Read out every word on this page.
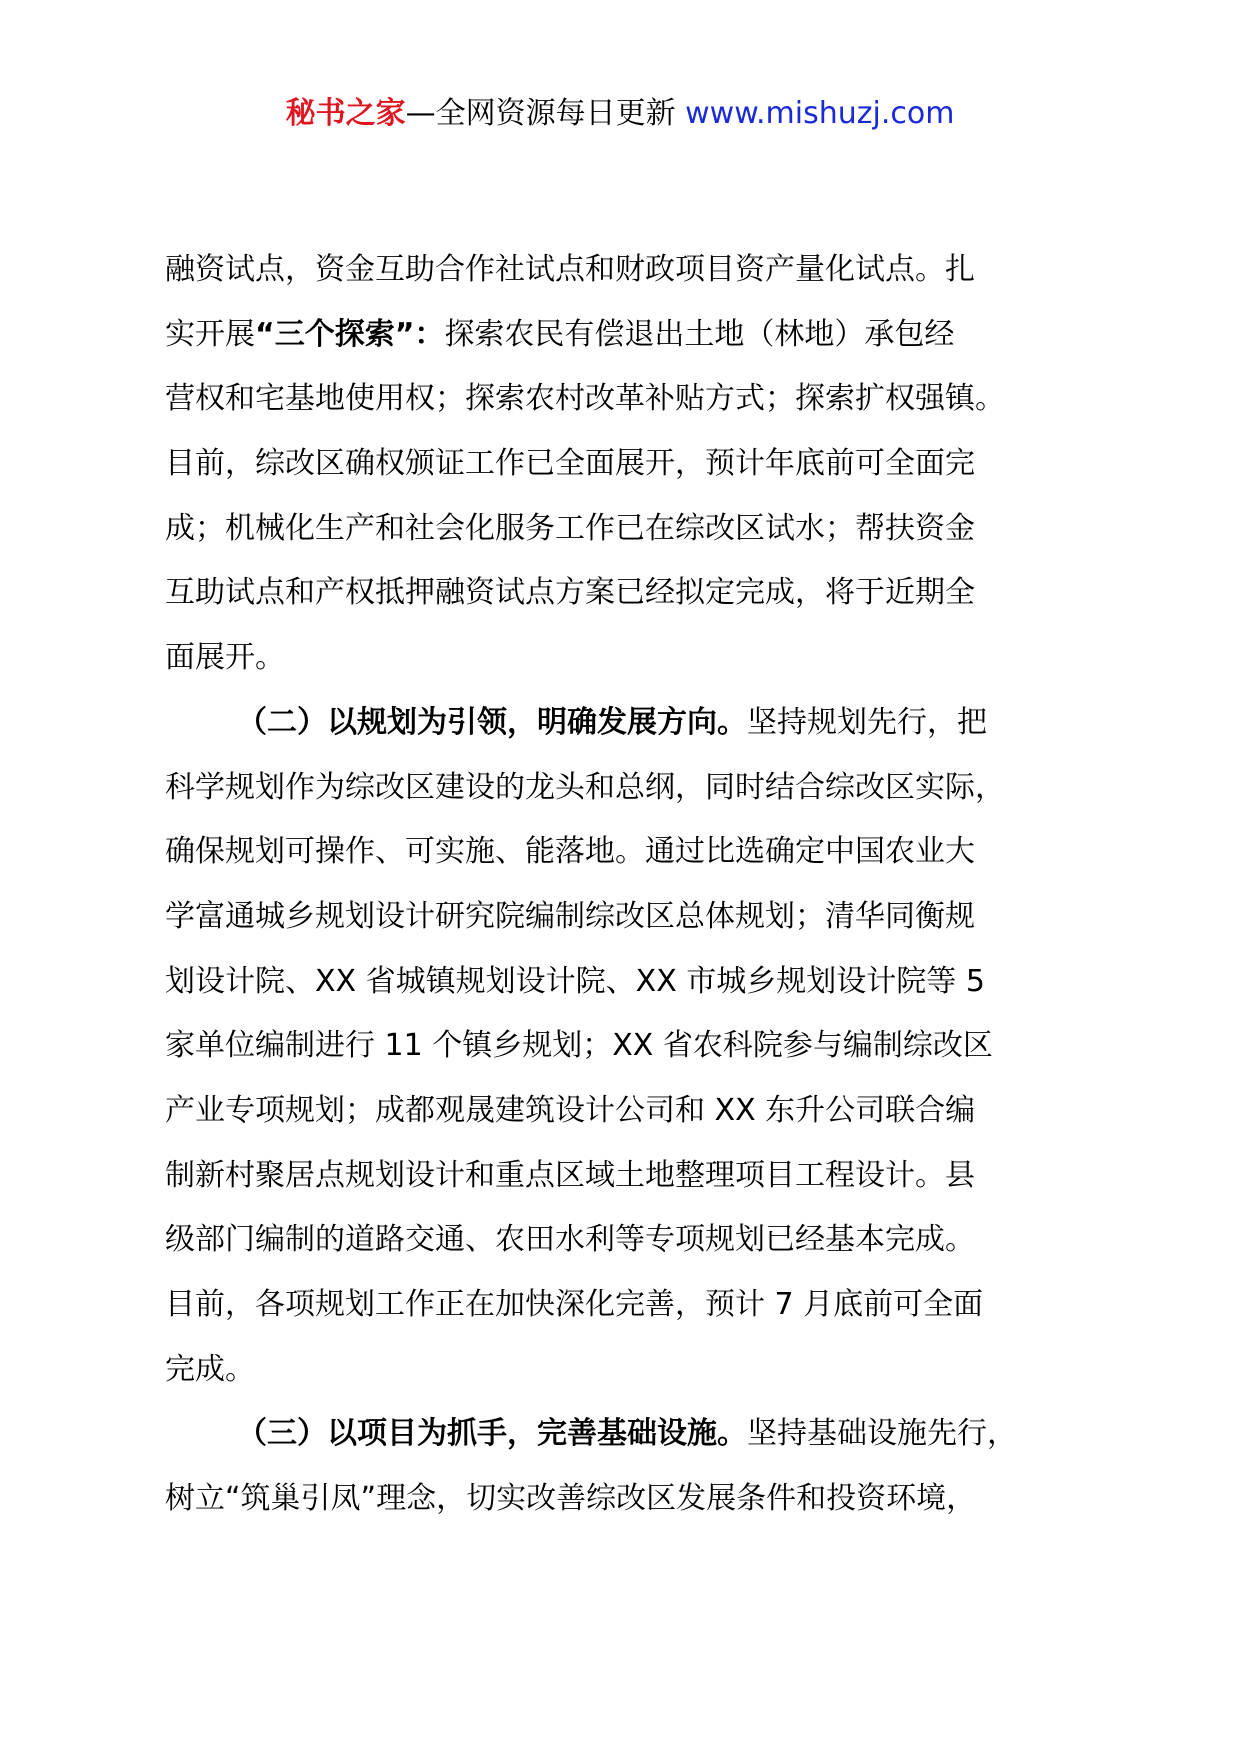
秘书之家—全网资源每日更新 www.mishuzj.com
融资试点，资金互助合作社试点和财政项目资产量化试点。扎
实开展“三个探索”：探索农民有偿退出土地（林地）承包经
营权和宅基地使用权；探索农村改革补贴方式；探索扩权强镇。
目前，综改区确权颁证工作已全面展开，预计年底前可全面完
成；机械化生产和社会化服务工作已在综改区试水；帮扶资金
互助试点和产权抵押融资试点方案已经拟定完成，将于近期全
面展开。
（二）以规划为引领，明确发展方向。坚持规划先行，把
科学规划作为综改区建设的龙头和总纲，同时结合综改区实际，
确保规划可操作、可实施、能落地。通过比选确定中国农业大
学富通城乡规划设计研究院编制综改区总体规划；清华同衡规
划设计院、XX 省城镇规划设计院、XX 市城乡规划设计院等 5
家单位编制进行 11 个镇乡规划；XX 省农科院参与编制综改区
产业专项规划；成都观晟建筑设计公司和 XX 东升公司联合编
制新村聚居点规划设计和重点区域土地整理项目工程设计。县
级部门编制的道路交通、农田水利等专项规划已经基本完成。
目前，各项规划工作正在加快深化完善，预计 7 月底前可全面
完成。
（三）以项目为抓手，完善基础设施。坚持基础设施先行，
树立“筑巢引凤”理念，切实改善综改区发展条件和投资环境，
